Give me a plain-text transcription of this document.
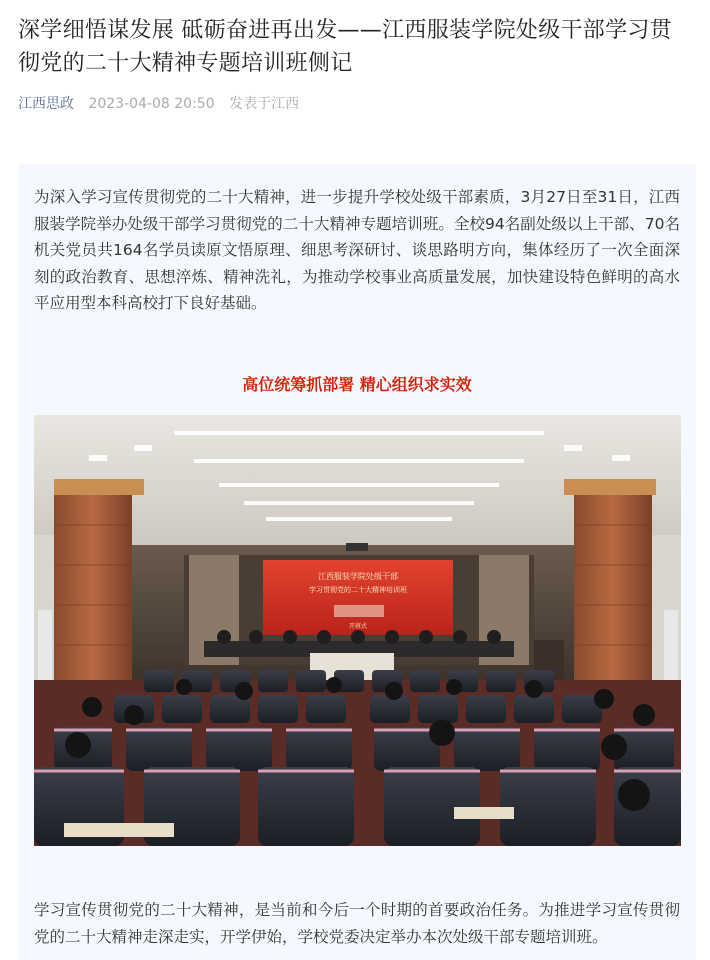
深学细悟谋发展 砥砺奋进再出发——江西服装学院处级干部学习贯彻党的二十大精神专题培训班侧记
江西思政 2023-04-08 20:50 发表于江西

为深入学习宣传贯彻党的二十大精神，进一步提升学校处级干部素质，3月27日至31日，江西服装学院举办处级干部学习贯彻党的二十大精神专题培训班。全校94名副处级以上干部、70名机关党员共164名学员读原文悟原理、细思考深研讨、谈思路明方向，集体经历了一次全面深刻的政治教育、思想淬炼、精神洗礼，为推动学校事业高质量发展，加快建设特色鲜明的高水平应用型本科高校打下良好基础。

高位统筹抓部署 精心组织求实效
江西服装学院处级干部
学习贯彻党的二十大精神培训班
开班式

学习宣传贯彻党的二十大精神，是当前和今后一个时期的首要政治任务。为推进学习宣传贯彻党的二十大精神走深走实，开学伊始，学校党委决定举办本次处级干部专题培训班。
